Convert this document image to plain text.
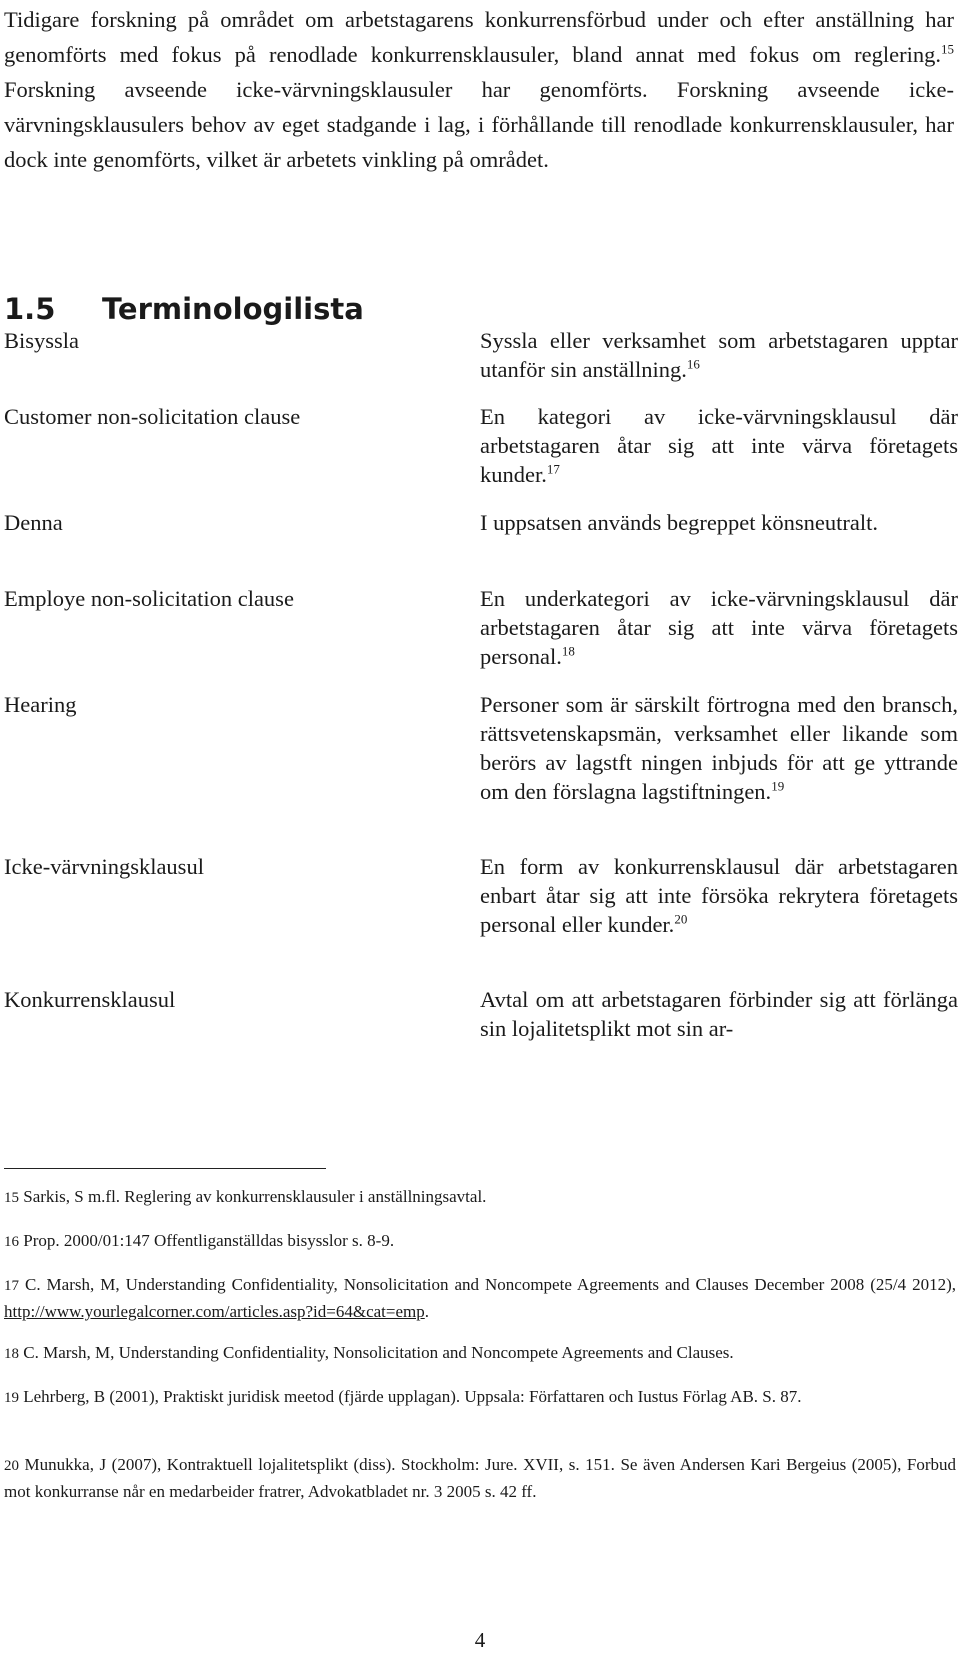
Tidigare forskning på området om arbetstagarens konkurrensförbud under och efter anställning har genomförts med fokus på renodlade konkurrensklausuler, bland annat med fokus om reglering.$^{15}$ Forskning avseende icke-värvningsklausuler har genomförts. Forskning avseende icke-värvningsklausulers behov av eget stadgande i lag, i förhållande till renodlade konkurrensklausuler, har dock inte genomförts, vilket är arbetets vinkling på området.

1.5 Terminologilista
Bisyssla	Syssla eller verksamhet som arbetstagaren upptar utanför sin anställning.$^{16}$
Customer non-solicitation clause	En kategori av icke-värvningsklausul där arbetstagaren åtar sig att inte värva företagets kunder.$^{17}$
Denna	I uppsatsen används begreppet könsneutralt.
Employe non-solicitation clause	En underkategori av icke-värvningsklausul där arbetstagaren åtar sig att inte värva företagets personal.$^{18}$
Hearing	Personer som är särskilt förtrogna med den bransch, rättsvetenskapsmän, verksamhet eller likande som berörs av lagstft ningen inbjuds för att ge yttrande om den förslagna lagstiftningen.$^{19}$
Icke-värvningsklausul	En form av konkurrensklausul där arbetstagaren enbart åtar sig att inte försöka rekrytera företagets personal eller kunder.$^{20}$
Konkurrensklausul	Avtal om att arbetstagaren förbinder sig att förlänga sin lojalitetsplikt mot sin ar-
15 Sarkis, S m.fl. Reglering av konkurrensklausuler i anställningsavtal.
16 Prop. 2000/01:147 Offentliganställdas bisysslor s. 8-9.
17 C. Marsh, M, Understanding Confidentiality, Nonsolicitation and Noncompete Agreements and Clauses December 2008 (25/4 2012), http://www.yourlegalcorner.com/articles.asp?id=64&cat=emp.
18 C. Marsh, M, Understanding Confidentiality, Nonsolicitation and Noncompete Agreements and Clauses.
19 Lehrberg, B (2001), Praktiskt juridisk meetod (fjärde upplagan). Uppsala: Författaren och Iustus Förlag AB. S. 87.
20 Munukka, J (2007), Kontraktuell lojalitetsplikt (diss). Stockholm: Jure. XVII, s. 151. Se även Andersen Kari Bergeius (2005), Forbud mot konkurranse når en medarbeider fratrer, Advokatbladet nr. 3 2005 s. 42 ff.
4
